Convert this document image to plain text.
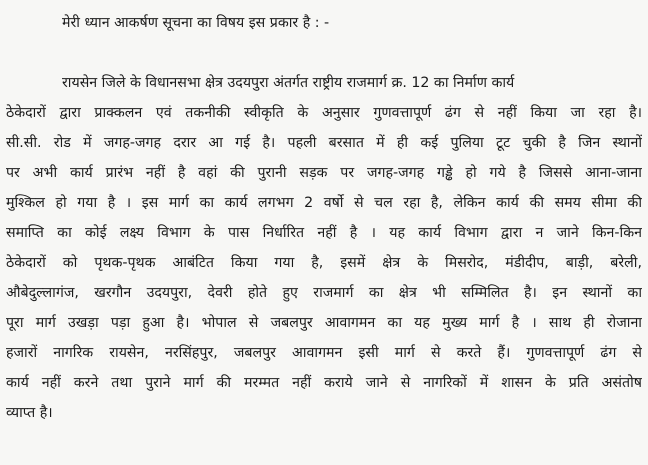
मेरी ध्यान आकर्षण सूचना का विषय इस प्रकार है : -
रायसेन जिले के विधानसभा क्षेत्र उदयपुरा अंतर्गत राष्ट्रीय राजमार्ग क्र. 12 का निर्माण कार्य
ठेकेदारों द्वारा प्राक्कलन एवं तकनीकी स्वीकृति के अनुसार गुणवत्तापूर्ण ढंग से नहीं किया जा रहा है।
सी.सी. रोड में जगह-जगह दरार आ गई है। पहली बरसात में ही कई पुलिया टूट चुकी है जिन स्थानों
पर अभी कार्य प्रारंभ नहीं है वहां की पुरानी सड़क पर जगह-जगह गड्ढे हो गये है जिससे आना-जाना
मुश्किल हो गया है । इस मार्ग का कार्य लगभग 2 वर्षो से चल रहा है, लेकिन कार्य की समय सीमा की
समाप्ति का कोई लक्ष्य विभाग के पास निर्धारित नहीं है । यह कार्य विभाग द्वारा न जाने किन-किन
ठेकेदारों को पृथक-पृथक आबंटित किया गया है, इसमें क्षेत्र के मिसरोद, मंडीदीप, बाड़ी, बरेली,
औबेदुल्लागंज, खरगौन उदयपुरा, देवरी होते हुए राजमार्ग का क्षेत्र भी सम्मिलित है। इन स्थानों का
पूरा मार्ग उखड़ा पड़ा हुआ है। भोपाल से जबलपुर आवागमन का यह मुख्य मार्ग है । साथ ही रोजाना
हजारों नागरिक रायसेन, नरसिंहपुर, जबलपुर आवागमन इसी मार्ग से करते हैं। गुणवत्तापूर्ण ढंग से
कार्य नहीं करने तथा पुराने मार्ग की मरम्मत नहीं कराये जाने से नागरिकों में शासन के प्रति असंतोष
व्याप्त है।
